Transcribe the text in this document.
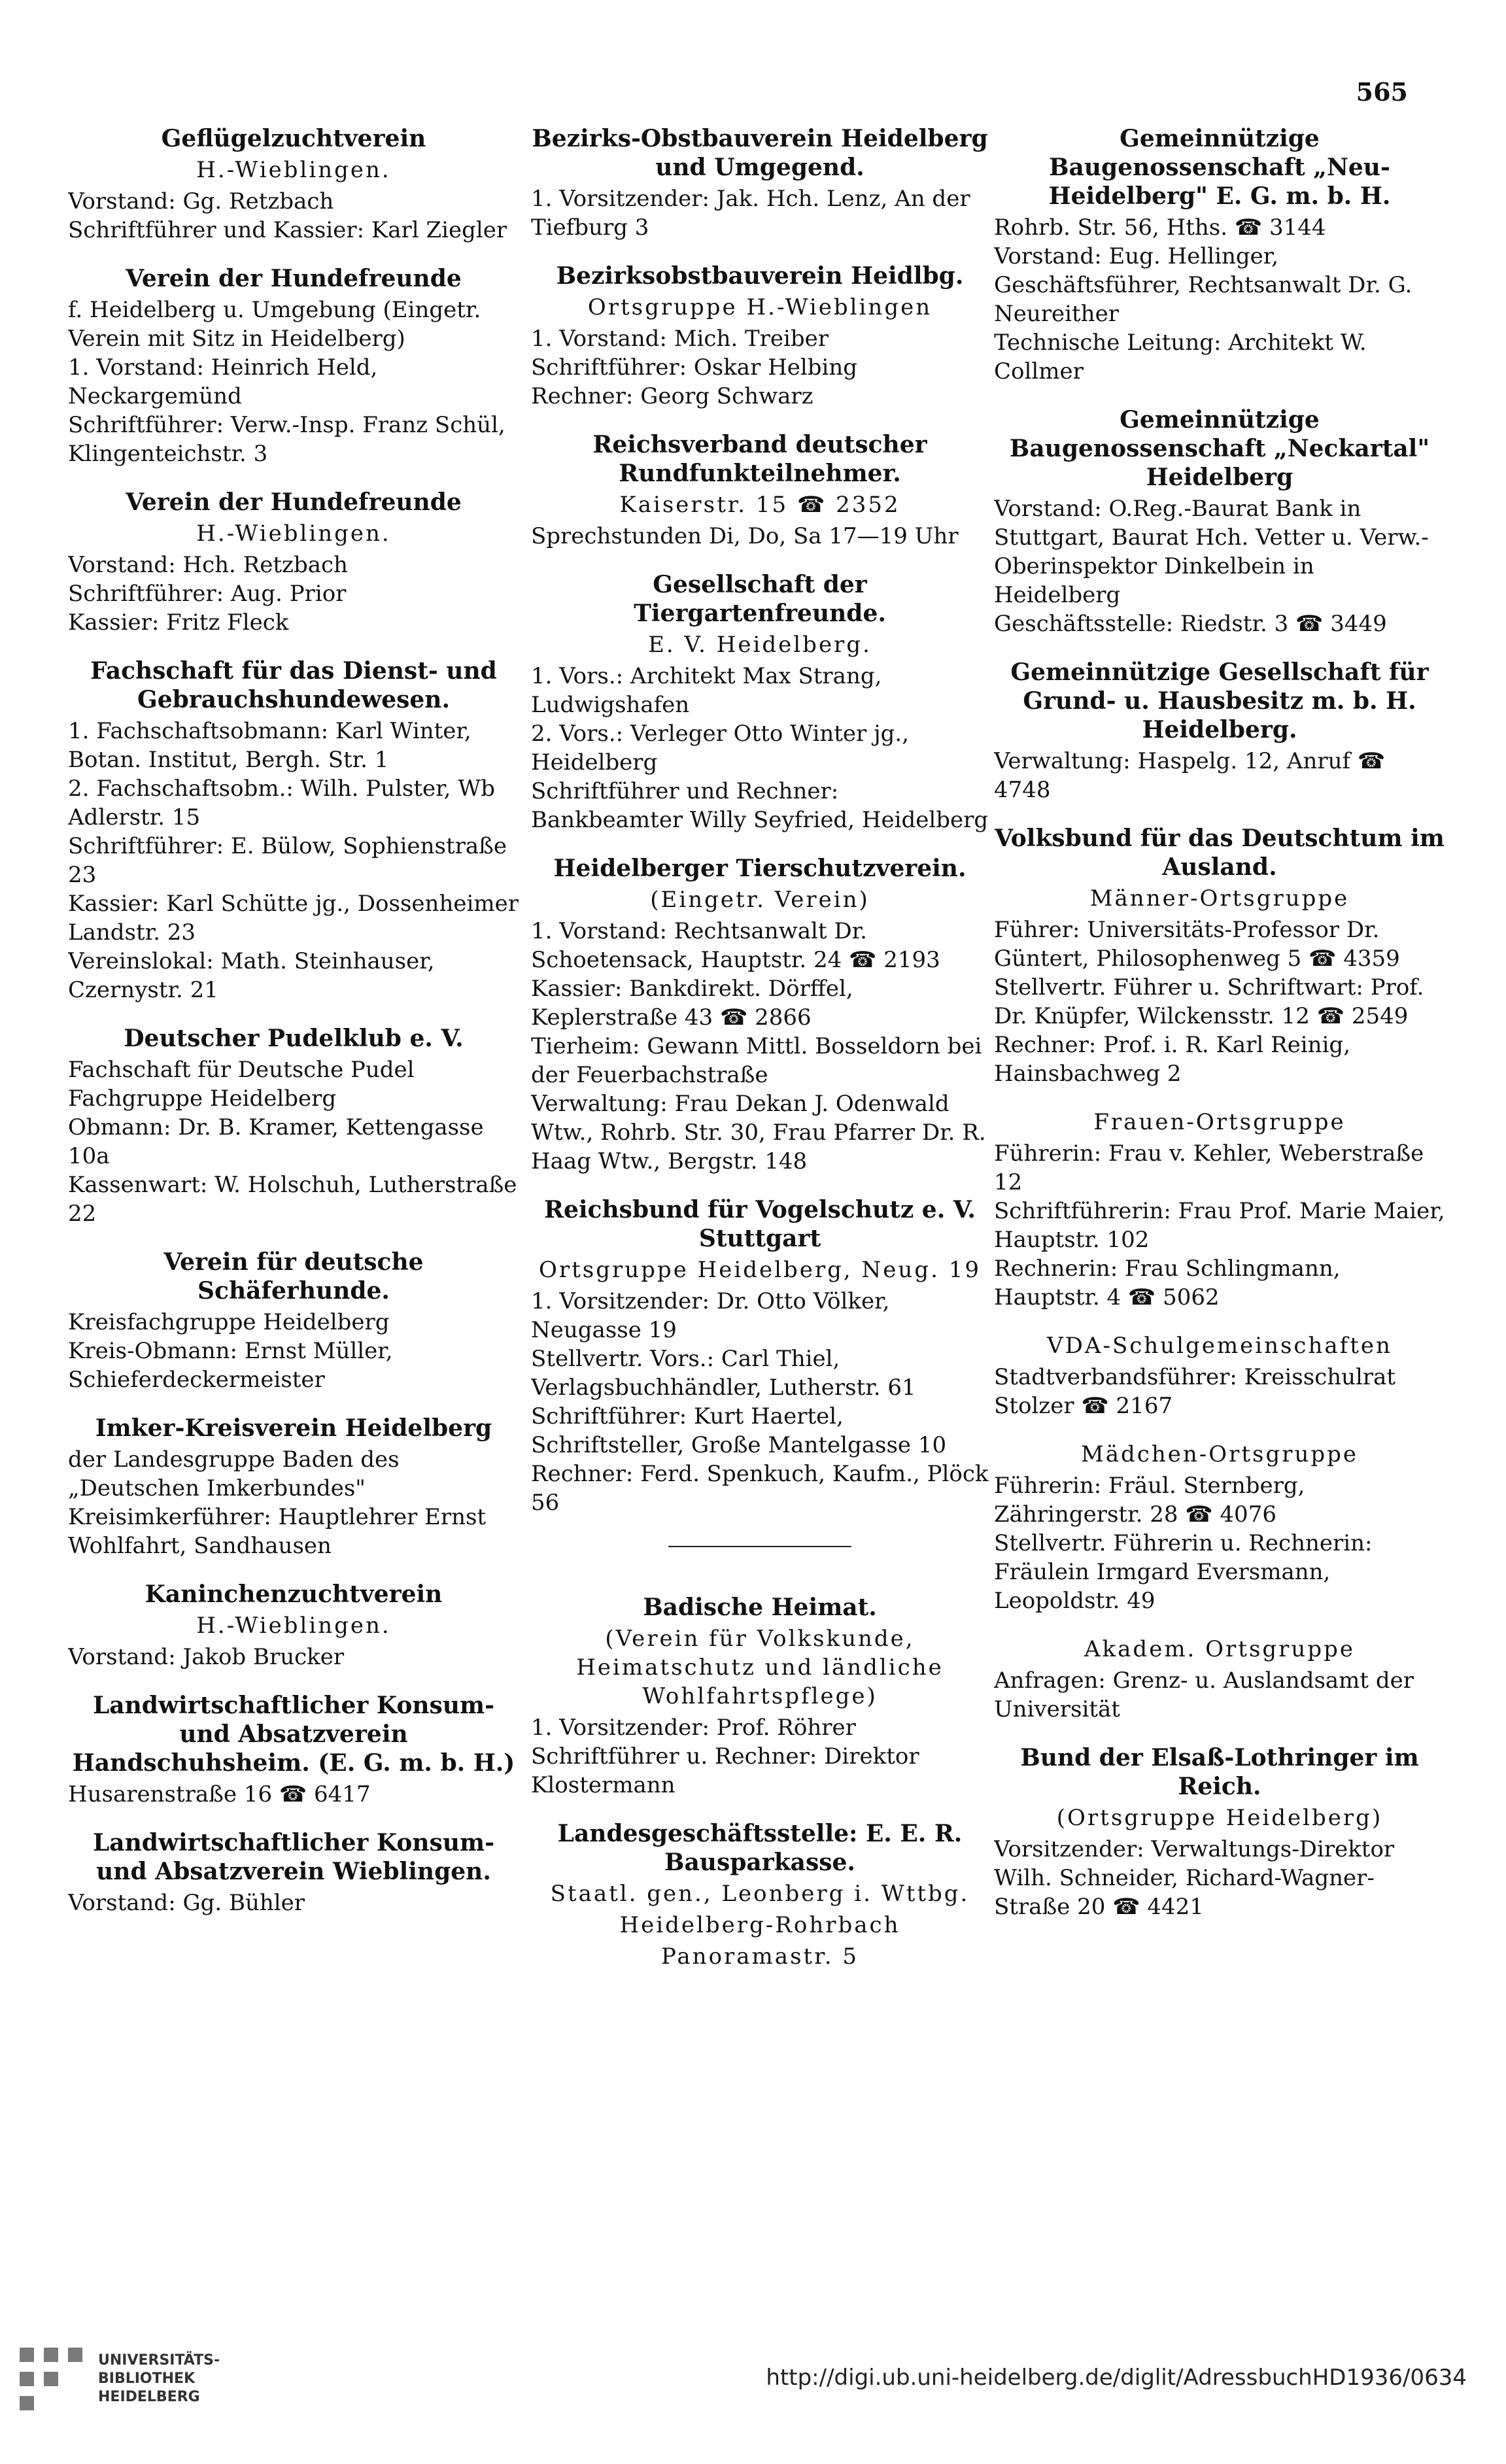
565
Geflügelzuchtverein
H.-Wieblingen.
Vorstand: Gg. Retzbach
Schriftführer und Kassier: Karl Ziegler
Verein der Hundefreunde
f. Heidelberg u. Umgebung (Eingetr. Verein mit Sitz in Heidelberg)
1. Vorstand: Heinrich Held, Neckargemünd
Schriftführer: Verw.-Insp. Franz Schül, Klingenteichstr. 3
Verein der Hundefreunde
H.-Wieblingen.
Vorstand: Hch. Retzbach
Schriftführer: Aug. Prior
Kassier: Fritz Fleck
Fachschaft für das Dienst- und Gebrauchshundewesen.
1. Fachschaftsobmann: Karl Winter, Botan. Institut, Bergh. Str. 1
2. Fachschaftsobm.: Wilh. Pulster, Wb Adlerstr. 15
Schriftführer: E. Bülow, Sophienstraße 23
Kassier: Karl Schütte jg., Dossenheimer Landstr. 23
Vereinslokal: Math. Steinhauser, Czernystr. 21
Deutscher Pudelklub e. V.
Fachschaft für Deutsche Pudel Fachgruppe Heidelberg
Obmann: Dr. B. Kramer, Kettengasse 10a
Kassenwart: W. Holschuh, Lutherstraße 22
Verein für deutsche Schäferhunde.
Kreisfachgruppe Heidelberg
Kreis-Obmann: Ernst Müller, Schieferdeckermeister
Imker-Kreisverein Heidelberg
der Landesgruppe Baden des „Deutschen Imkerbundes"
Kreisimkerführer: Hauptlehrer Ernst Wohlfahrt, Sandhausen
Kaninchenzuchtverein
H.-Wieblingen.
Vorstand: Jakob Brucker
Landwirtschaftlicher Konsum- und Absatzverein Handschuhsheim. (E. G. m. b. H.)
Husarenstraße 16 ☎ 6417
Landwirtschaftlicher Konsum- und Absatzverein Wieblingen.
Vorstand: Gg. Bühler
Bezirks-Obstbauverein Heidelberg und Umgegend.
1. Vorsitzender: Jak. Hch. Lenz, An der Tiefburg 3
Bezirksobstbauverein Heidlbg.
Ortsgruppe H.-Wieblingen
1. Vorstand: Mich. Treiber
Schriftführer: Oskar Helbing
Rechner: Georg Schwarz
Reichsverband deutscher Rundfunkteilnehmer.
Kaiserstr. 15 ☎ 2352
Sprechstunden Di, Do, Sa 17—19 Uhr
Gesellschaft der Tiergartenfreunde.
E. V. Heidelberg.
1. Vors.: Architekt Max Strang, Ludwigshafen
2. Vors.: Verleger Otto Winter jg., Heidelberg
Schriftführer und Rechner: Bankbeamter Willy Seyfried, Heidelberg
Heidelberger Tierschutzverein.
(Eingetr. Verein)
1. Vorstand: Rechtsanwalt Dr. Schoetensack, Hauptstr. 24 ☎ 2193
Kassier: Bankdirekt. Dörffel, Keplerstraße 43 ☎ 2866
Tierheim: Gewann Mittl. Bosseldorn bei der Feuerbachstraße
Verwaltung: Frau Dekan J. Odenwald Wtw., Rohrb. Str. 30, Frau Pfarrer Dr. R. Haag Wtw., Bergstr. 148
Reichsbund für Vogelschutz e. V. Stuttgart
Ortsgruppe Heidelberg, Neug. 19
1. Vorsitzender: Dr. Otto Völker, Neugasse 19
Stellvertr. Vors.: Carl Thiel, Verlagsbuchhändler, Lutherstr. 61
Schriftführer: Kurt Haertel, Schriftsteller, Große Mantelgasse 10
Rechner: Ferd. Spenkuch, Kaufm., Plöck 56
Badische Heimat.
(Verein für Volkskunde, Heimatschutz und ländliche Wohlfahrtspflege)
1. Vorsitzender: Prof. Röhrer
Schriftführer u. Rechner: Direktor Klostermann
Landesgeschäftsstelle: E. E. R. Bausparkasse.
Staatl. gen., Leonberg i. Wttbg.
Heidelberg-Rohrbach
Panoramastr. 5
Gemeinnützige Baugenossenschaft „Neu-Heidelberg" E. G. m. b. H.
Rohrb. Str. 56, Hths. ☎ 3144
Vorstand: Eug. Hellinger, Geschäftsführer, Rechtsanwalt Dr. G. Neureither
Technische Leitung: Architekt W. Collmer
Gemeinnützige Baugenossenschaft „Neckartal" Heidelberg
Vorstand: O.Reg.-Baurat Bank in Stuttgart, Baurat Hch. Vetter u. Verw.-Oberinspektor Dinkelbein in Heidelberg
Geschäftsstelle: Riedstr. 3 ☎ 3449
Gemeinnützige Gesellschaft für Grund- u. Hausbesitz m. b. H. Heidelberg.
Verwaltung: Haspelg. 12, Anruf ☎ 4748
Volksbund für das Deutschtum im Ausland.
Männer-Ortsgruppe
Führer: Universitäts-Professor Dr. Güntert, Philosophenweg 5 ☎ 4359
Stellvertr. Führer u. Schriftwart: Prof. Dr. Knüpfer, Wilckensstr. 12 ☎ 2549
Rechner: Prof. i. R. Karl Reinig, Hainsbachweg 2
Frauen-Ortsgruppe
Führerin: Frau v. Kehler, Weberstraße 12
Schriftführerin: Frau Prof. Marie Maier, Hauptstr. 102
Rechnerin: Frau Schlingmann, Hauptstr. 4 ☎ 5062
VDA-Schulgemeinschaften
Stadtverbandsführer: Kreisschulrat Stolzer ☎ 2167
Mädchen-Ortsgruppe
Führerin: Fräul. Sternberg, Zähringerstr. 28 ☎ 4076
Stellvertr. Führerin u. Rechnerin: Fräulein Irmgard Eversmann, Leopoldstr. 49
Akadem. Ortsgruppe
Anfragen: Grenz- u. Auslandsamt der Universität
Bund der Elsaß-Lothringer im Reich.
(Ortsgruppe Heidelberg)
Vorsitzender: Verwaltungs-Direktor Wilh. Schneider, Richard-Wagner-Straße 20 ☎ 4421
UNIVERSITÄTS-
BIBLIOTHEK
HEIDELBERG
http://digi.ub.uni-heidelberg.de/diglit/AdressbuchHD1936/0634
